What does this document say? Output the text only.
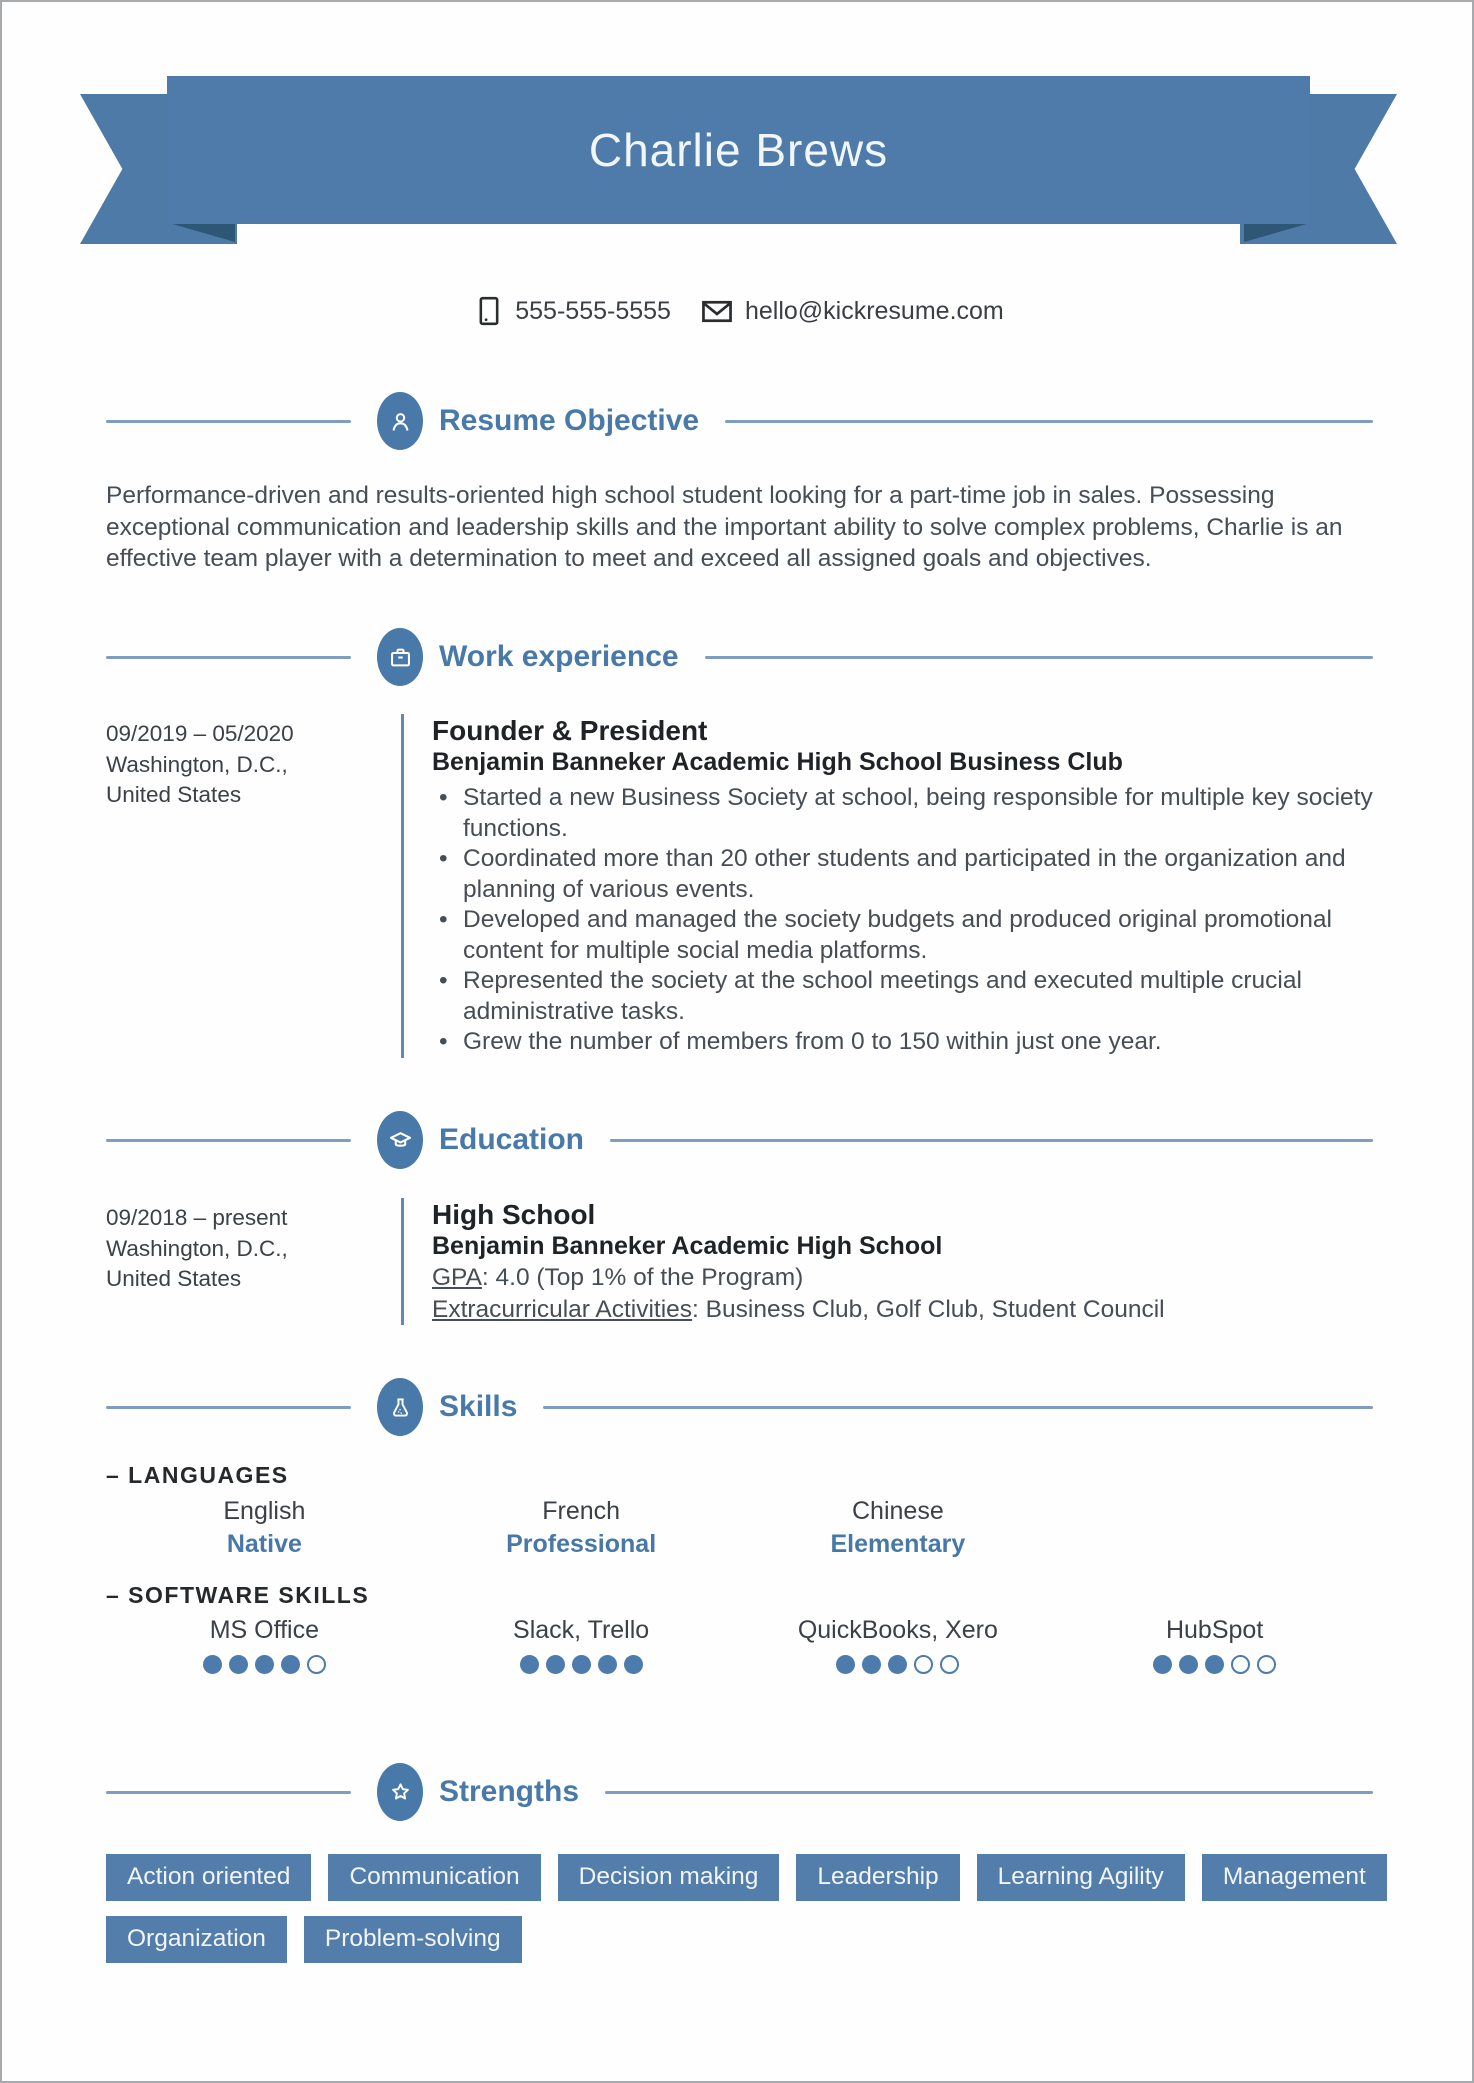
Charlie Brews
555-555-5555	hello@kickresume.com
Resume Objective
Performance-driven and results-oriented high school student looking for a part-time job in sales. Possessing exceptional communication and leadership skills and the important ability to solve complex problems, Charlie is an effective team player with a determination to meet and exceed all assigned goals and objectives.
Work experience
09/2019 – 05/2020
Washington, D.C.,
United States
Founder & President
Benjamin Banneker Academic High School Business Club
• Started a new Business Society at school, being responsible for multiple key society functions.
• Coordinated more than 20 other students and participated in the organization and planning of various events.
• Developed and managed the society budgets and produced original promotional content for multiple social media platforms.
• Represented the society at the school meetings and executed multiple crucial administrative tasks.
• Grew the number of members from 0 to 150 within just one year.
Education
09/2018 – present
Washington, D.C.,
United States
High School
Benjamin Banneker Academic High School
GPA: 4.0 (Top 1% of the Program)
Extracurricular Activities: Business Club, Golf Club, Student Council
Skills
– LANGUAGES
English
Native
French
Professional
Chinese
Elementary
– SOFTWARE SKILLS
MS Office	Slack, Trello	QuickBooks, Xero	HubSpot
Strengths
Action oriented	Communication	Decision making	Leadership	Learning Agility	Management
Organization	Problem-solving
